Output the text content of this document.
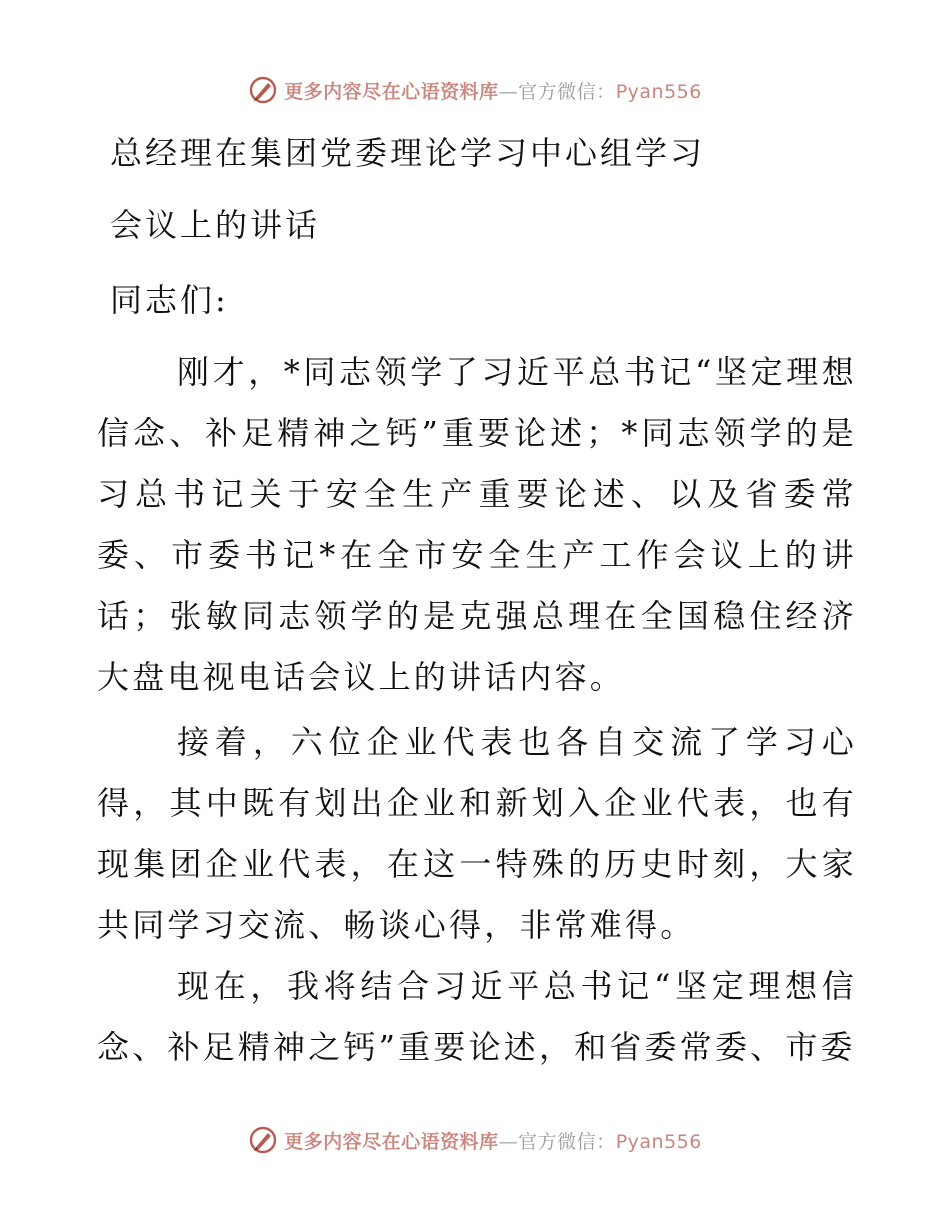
更多内容尽在心语资料库—官方微信：Pyan556
总经理在集团党委理论学习中心组学习
会议上的讲话

同志们:

刚才，*同志领学了习近平总书记“坚定理想信念、补足精神之钙”重要论述；*同志领学的是习总书记关于安全生产重要论述、以及省委常委、市委书记*在全市安全生产工作会议上的讲话；张敏同志领学的是克强总理在全国稳住经济大盘电视电话会议上的讲话内容。

接着，六位企业代表也各自交流了学习心得，其中既有划出企业和新划入企业代表，也有现集团企业代表，在这一特殊的历史时刻，大家共同学习交流、畅谈心得，非常难得。

现在，我将结合习近平总书记“坚定理想信念、补足精神之钙”重要论述，和省委常委、市委

更多内容尽在心语资料库—官方微信：Pyan556
